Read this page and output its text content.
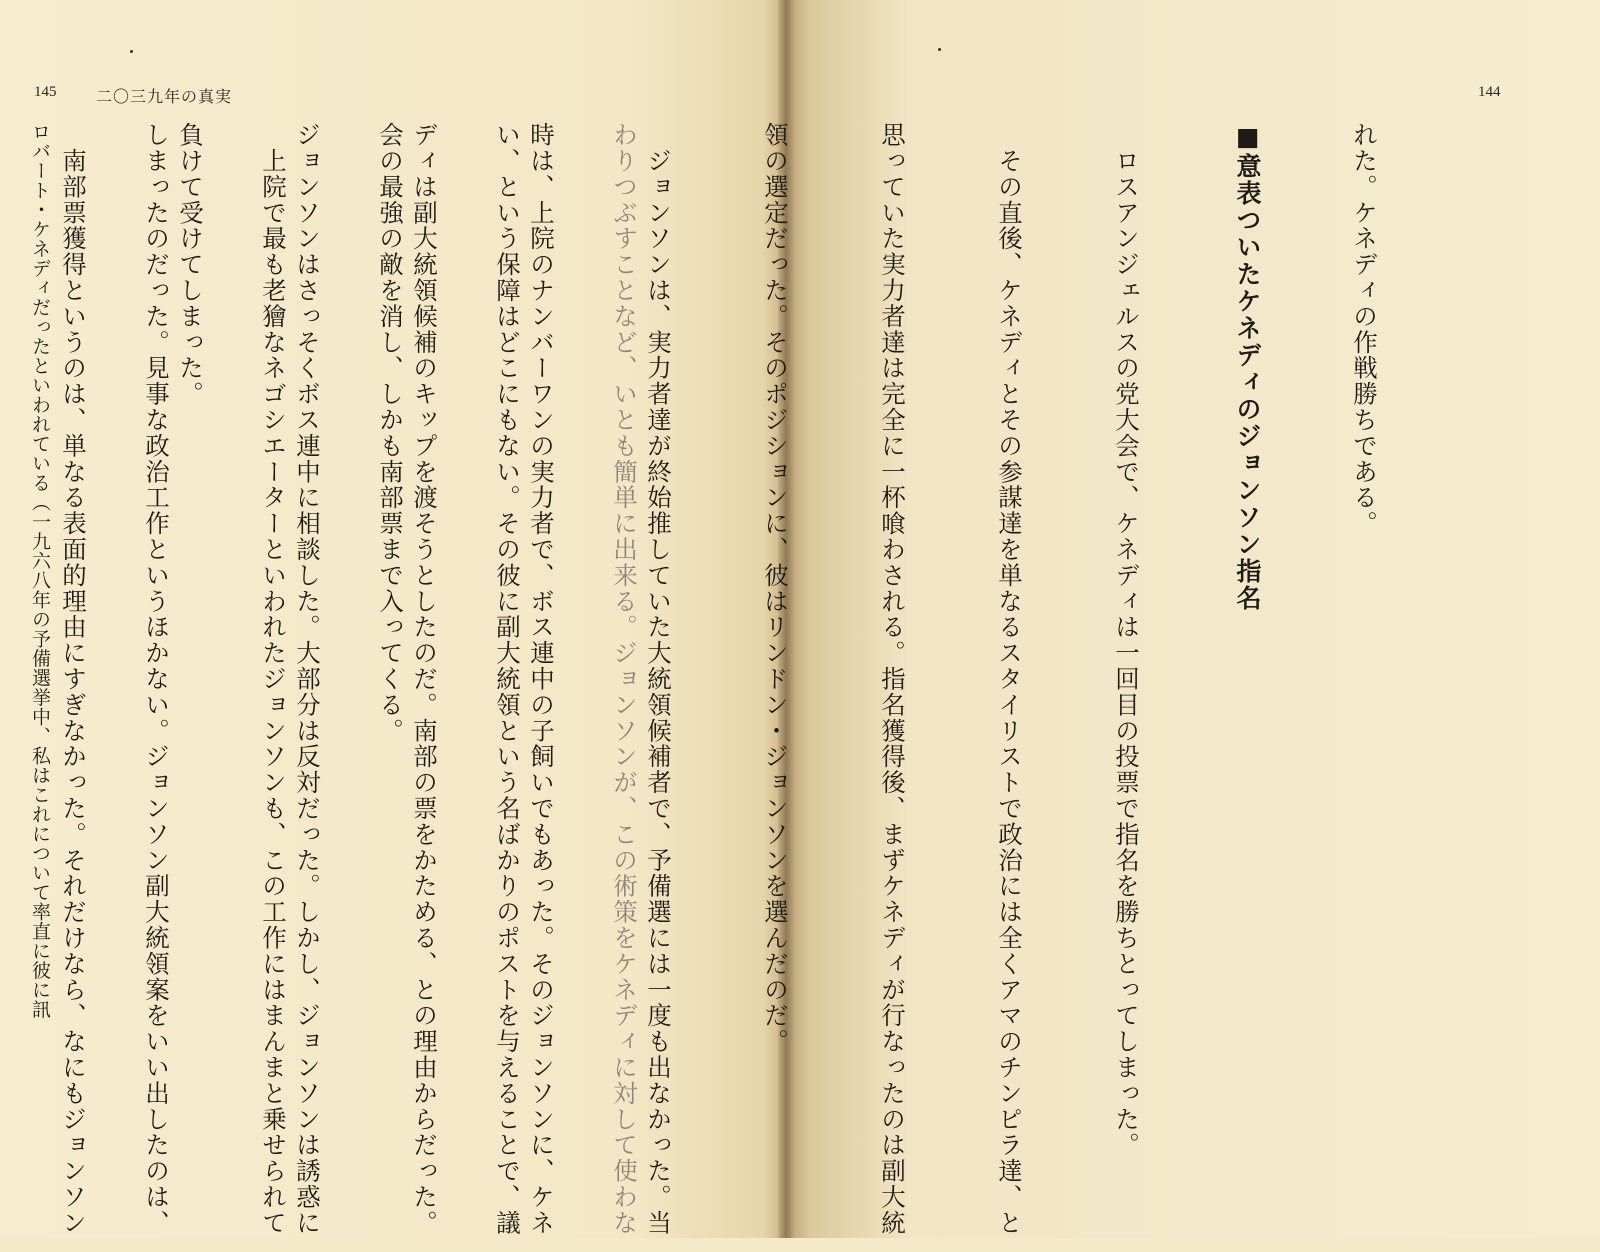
145 二〇三九年の真実	144

れた。ケネディの作戦勝ちである。

■意表ついたケネディのジョンソン指名

　ロスアンジェルスの党大会で、ケネディは一回目の投票で指名を勝ちとってしまった。

　その直後、ケネディとその参謀達を単なるスタイリストで政治には全くアマのチンピラ達、と

思っていた実力者達は完全に一杯喰わされる。指名獲得後、まずケネディが行なったのは副大統

領の選定だった。そのポジションに、彼はリンドン・ジョンソンを選んだのだ。

　ジョンソンは、実力者達が終始推していた大統領候補者で、予備選には一度も出なかった。当

時は、上院のナンバーワンの実力者で、ボス連中の子飼いでもあった。そのジョンソンに、ケネ

ディは副大統領候補のキップを渡そうとしたのだ。南部の票をかためる、との理由からだった。

ジョンソンはさっそくボス連中に相談した。大部分は反対だった。しかし、ジョンソンは誘惑に

負けて受けてしまった。

　南部票獲得というのは、単なる表面的理由にすぎなかった。それだけなら、なにもジョンソン

	わりつぶすことなど、いとも簡単に出来る。ジョンソンが、この術策をケネディに対して使わな

い、という保障はどこにもない。その彼に副大統領という名ばかりのポストを与えることで、議

会の最強の敵を消し、しかも南部票まで入ってくる。

　上院で最も老獪なネゴシエーターといわれたジョンソンも、この工作にはまんまと乗せられて

しまったのだった。見事な政治工作というほかない。ジョンソン副大統領案をいい出したのは、

ロバート・ケネディだったといわれている（一九六八年の予備選挙中、私はこれについて率直に彼に訊
